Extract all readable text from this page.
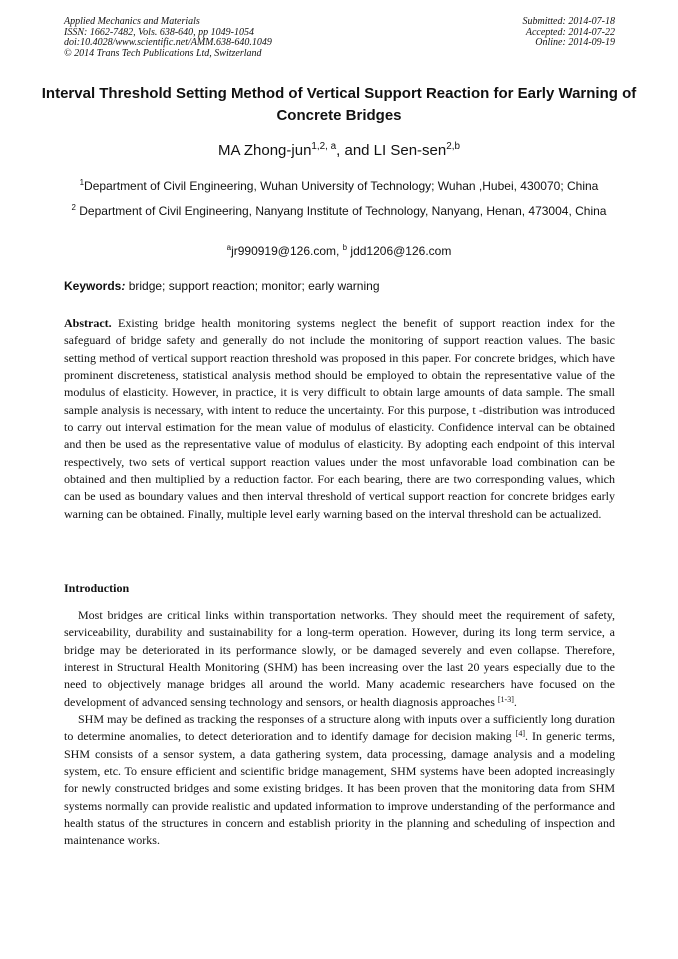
Applied Mechanics and Materials
ISSN: 1662-7482, Vols. 638-640, pp 1049-1054
doi:10.4028/www.scientific.net/AMM.638-640.1049
© 2014 Trans Tech Publications Ltd, Switzerland
Submitted: 2014-07-18
Accepted: 2014-07-22
Online: 2014-09-19
Interval Threshold Setting Method of Vertical Support Reaction for Early Warning of Concrete Bridges
MA Zhong-jun$^{1,2, a}$, and LI Sen-sen$^{2,b}$
$^1$Department of Civil Engineering, Wuhan University of Technology; Wuhan ,Hubei, 430070; China
$^2$ Department of Civil Engineering, Nanyang Institute of Technology, Nanyang, Henan, 473004, China
$^a$jr990919@126.com, $^b$ jdd1206@126.com
Keywords: bridge; support reaction; monitor; early warning
Abstract. Existing bridge health monitoring systems neglect the benefit of support reaction index for the safeguard of bridge safety and generally do not include the monitoring of support reaction values. The basic setting method of vertical support reaction threshold was proposed in this paper. For concrete bridges, which have prominent discreteness, statistical analysis method should be employed to obtain the representative value of the modulus of elasticity. However, in practice, it is very difficult to obtain large amounts of data sample. The small sample analysis is necessary, with intent to reduce the uncertainty. For this purpose, t -distribution was introduced to carry out interval estimation for the mean value of modulus of elasticity. Confidence interval can be obtained and then be used as the representative value of modulus of elasticity. By adopting each endpoint of this interval respectively, two sets of vertical support reaction values under the most unfavorable load combination can be obtained and then multiplied by a reduction factor. For each bearing, there are two corresponding values, which can be used as boundary values and then interval threshold of vertical support reaction for concrete bridges early warning can be obtained. Finally, multiple level early warning based on the interval threshold can be actualized.
Introduction

Most bridges are critical links within transportation networks. They should meet the requirement of safety, serviceability, durability and sustainability for a long-term operation. However, during its long term service, a bridge may be deteriorated in its performance slowly, or be damaged severely and even collapse. Therefore, interest in Structural Health Monitoring (SHM) has been increasing over the last 20 years especially due to the need to objectively manage bridges all around the world. Many academic researchers have focused on the development of advanced sensing technology and sensors, or health diagnosis approaches [1-3].

SHM may be defined as tracking the responses of a structure along with inputs over a sufficiently long duration to determine anomalies, to detect deterioration and to identify damage for decision making [4]. In generic terms, SHM consists of a sensor system, a data gathering system, data processing, damage analysis and a modeling system, etc. To ensure efficient and scientific bridge management, SHM systems have been adopted increasingly for newly constructed bridges and some existing bridges. It has been proven that the monitoring data from SHM systems normally can provide realistic and updated information to improve understanding of the performance and health status of the structures in concern and establish priority in the planning and scheduling of inspection and maintenance works.
